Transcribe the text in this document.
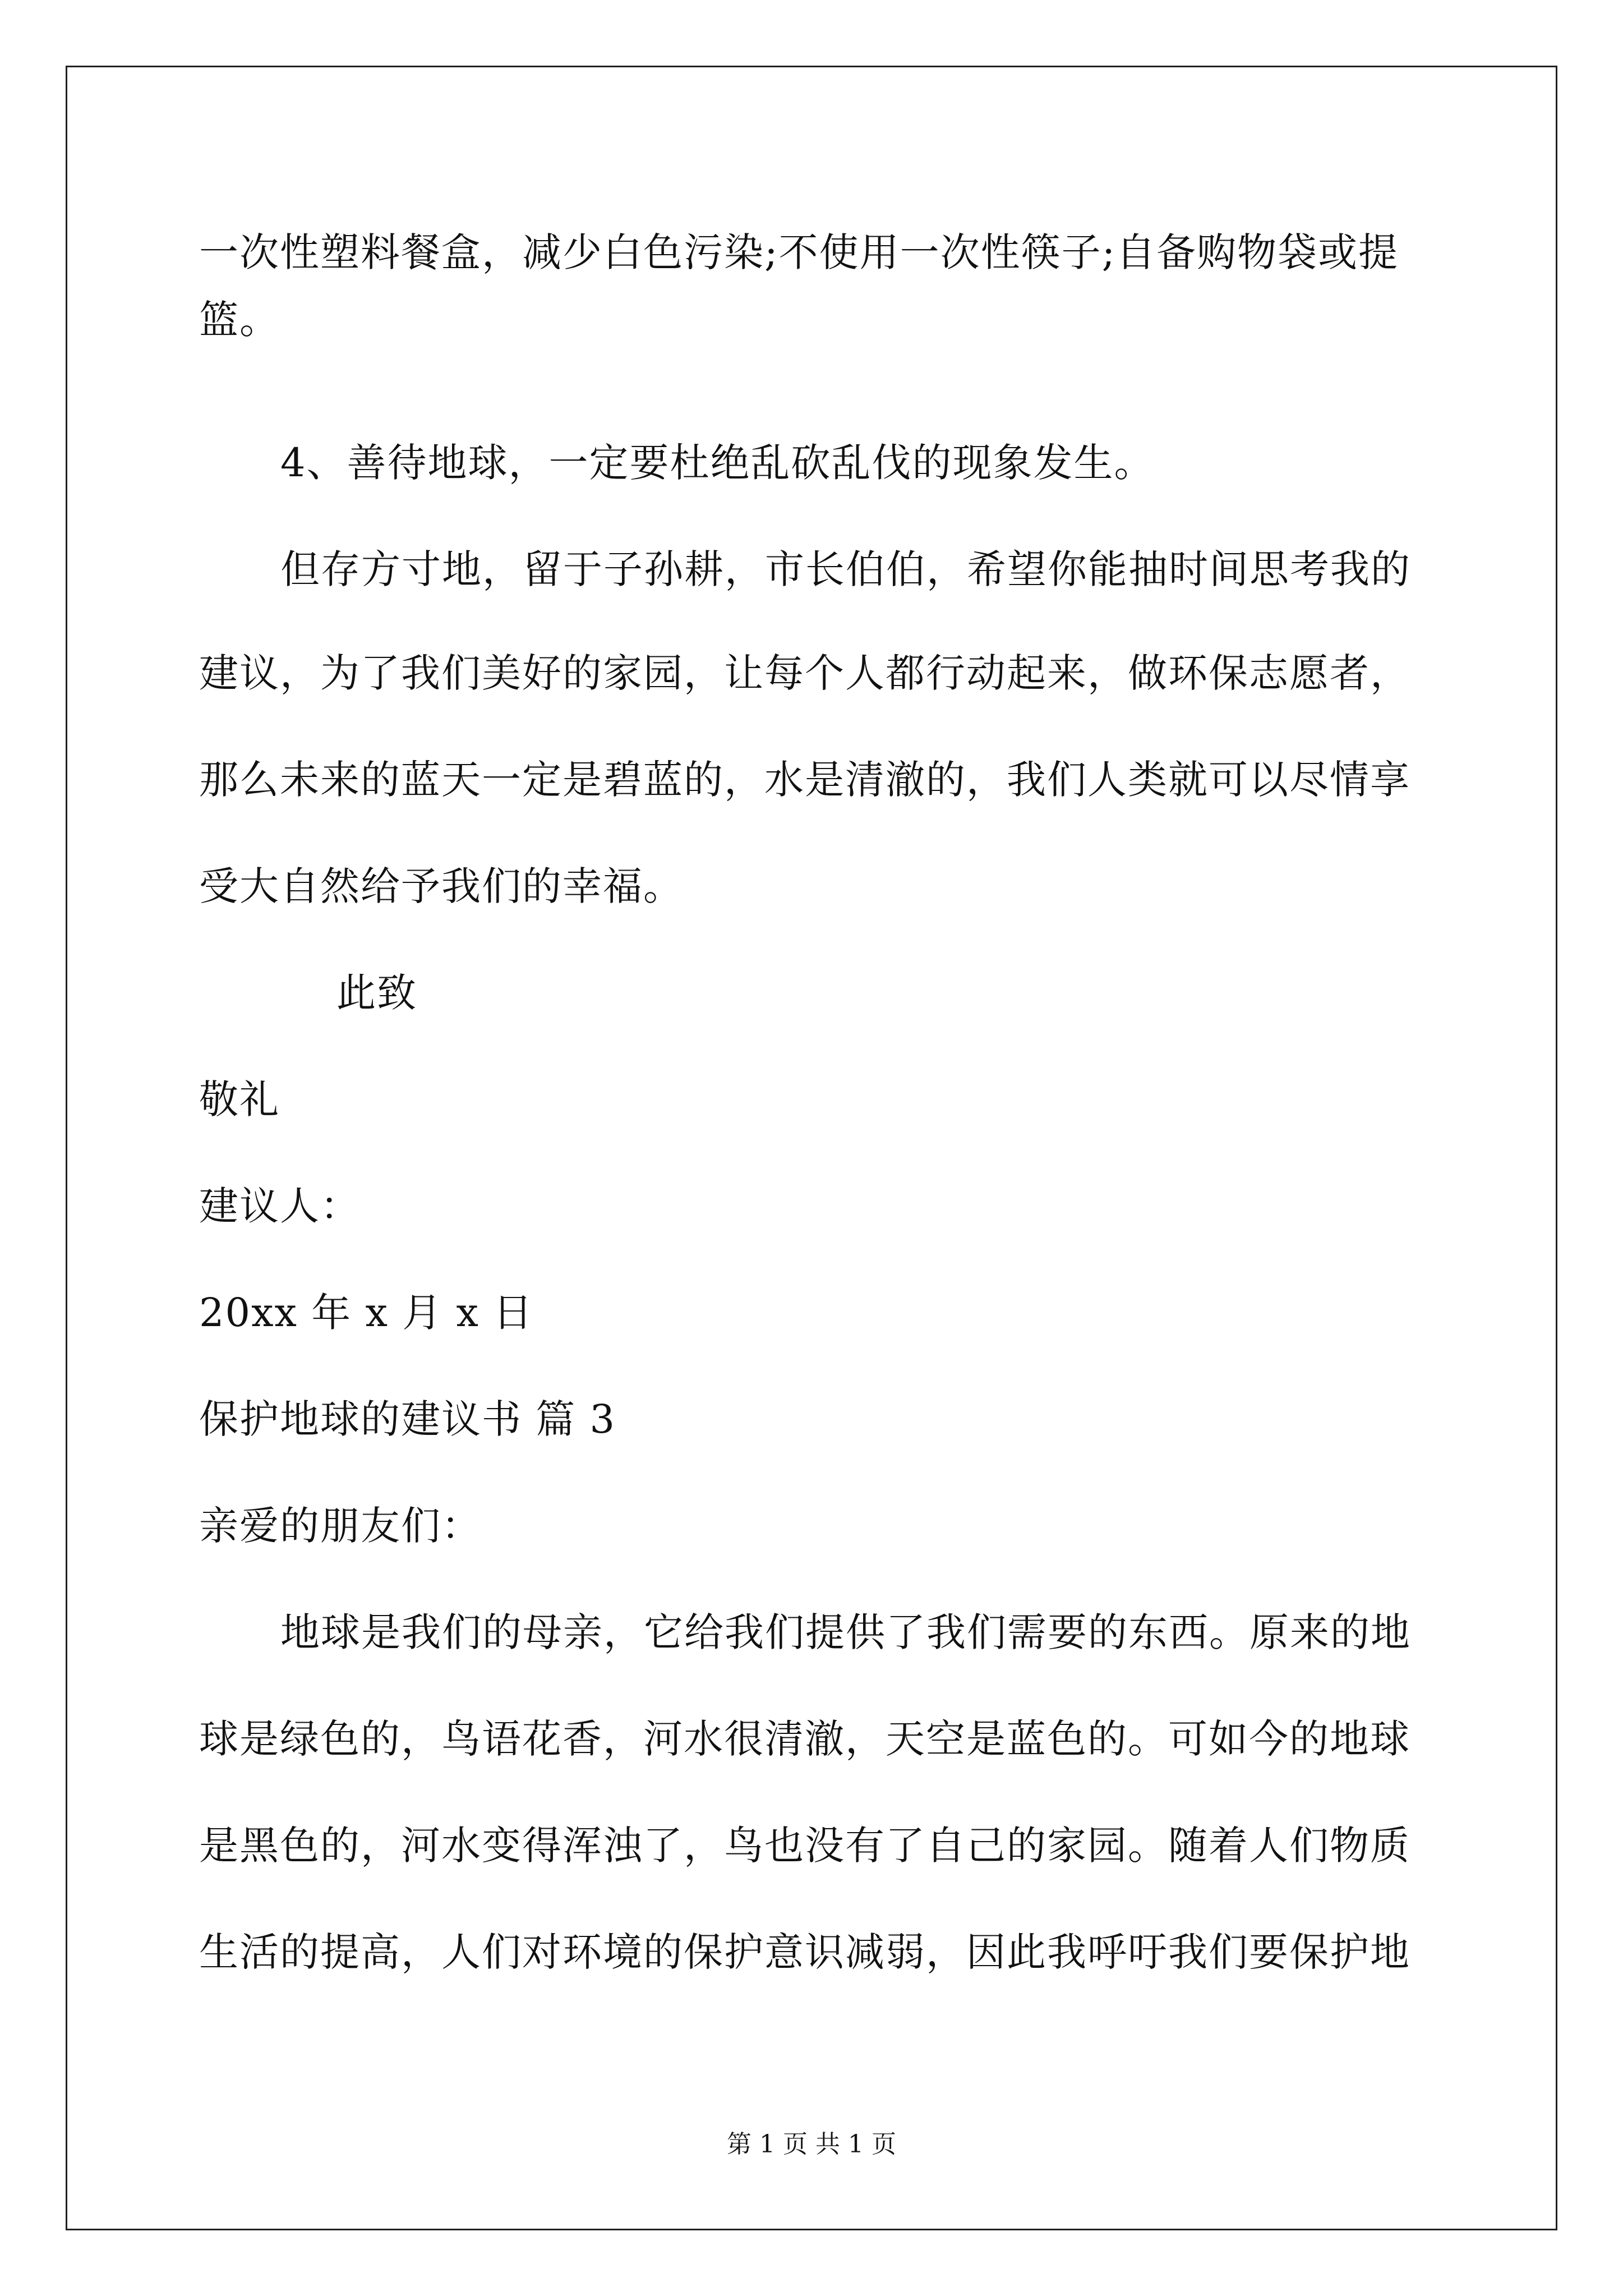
一次性塑料餐盒，减少白色污染;不使用一次性筷子;自备购物袋或提
篮。
4、善待地球，一定要杜绝乱砍乱伐的现象发生。
但存方寸地，留于子孙耕，市长伯伯，希望你能抽时间思考我的
建议，为了我们美好的家园，让每个人都行动起来，做环保志愿者，
那么未来的蓝天一定是碧蓝的，水是清澈的，我们人类就可以尽情享
受大自然给予我们的幸福。
此致
敬礼
建议人：
20xx 年 x 月 x 日
保护地球的建议书 篇 3
亲爱的朋友们：
地球是我们的母亲，它给我们提供了我们需要的东西。原来的地
球是绿色的，鸟语花香，河水很清澈，天空是蓝色的。可如今的地球
是黑色的，河水变得浑浊了，鸟也没有了自己的家园。随着人们物质
生活的提高，人们对环境的保护意识减弱，因此我呼吁我们要保护地
第 1 页 共 1 页
